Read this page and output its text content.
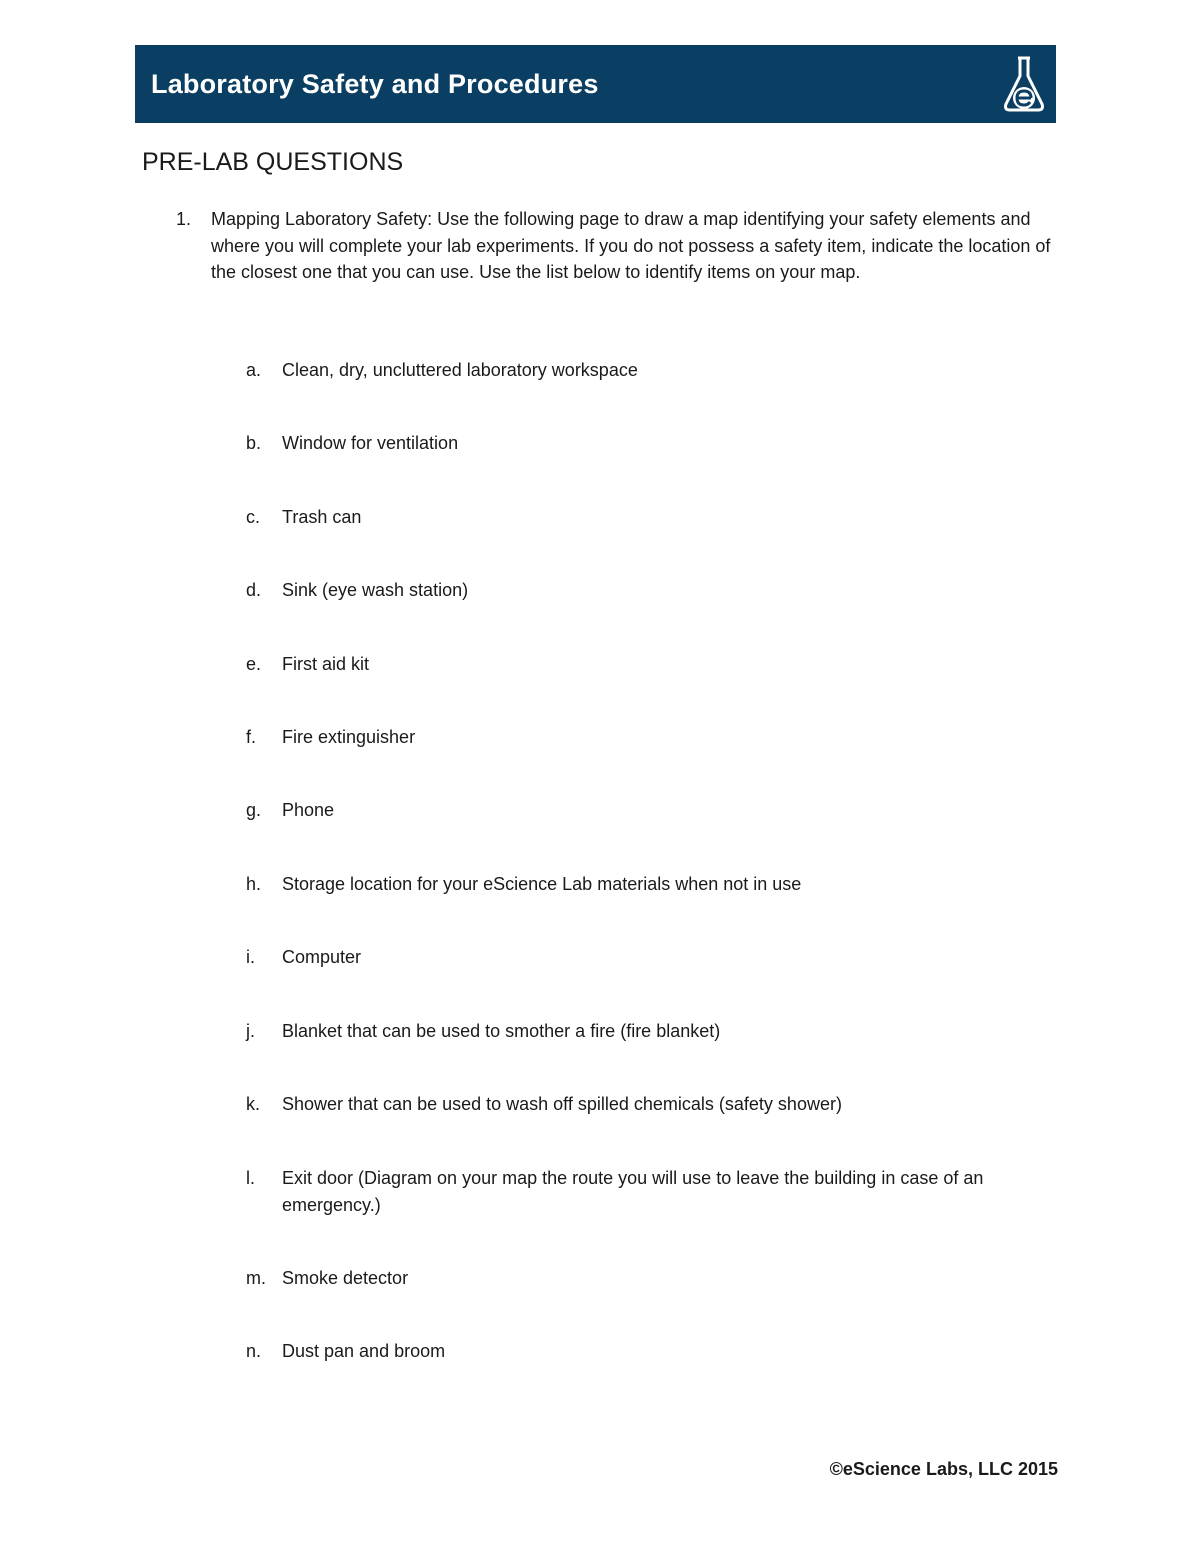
Laboratory Safety and Procedures
PRE-LAB QUESTIONS
1. Mapping Laboratory Safety: Use the following page to draw a map identifying your safety elements and where you will complete your lab experiments. If you do not possess a safety item, indicate the location of the closest one that you can use. Use the list below to identify items on your map.
a.	Clean, dry, uncluttered laboratory workspace
b.	Window for ventilation
c.	Trash can
d.	Sink (eye wash station)
e.	First aid kit
f.	Fire extinguisher
g.	Phone
h.	Storage location for your eScience Lab materials when not in use
i.	Computer
j.	Blanket that can be used to smother a fire (fire blanket)
k.	Shower that can be used to wash off spilled chemicals (safety shower)
l.	Exit door (Diagram on your map the route you will use to leave the building in case of an emergency.)
m. Smoke detector
n.	Dust pan and broom
©eScience Labs, LLC 2015
